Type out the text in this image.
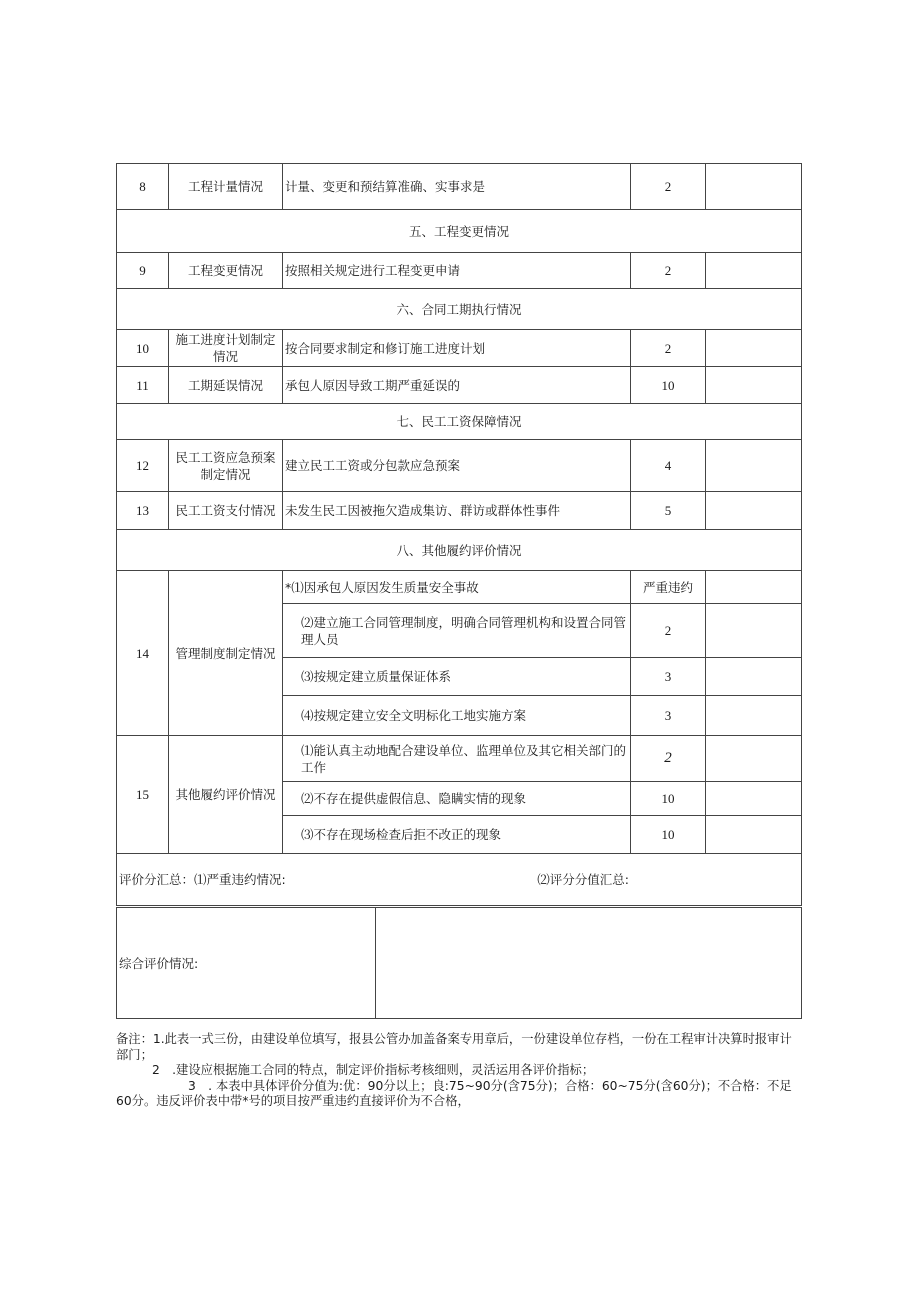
8	工程计量情况	计量、变更和预结算准确、实事求是	2	
五、工程变更情况				
9	工程变更情况	按照相关规定进行工程变更申请	2	
六、合同工期执行情况				
10	施工进度计划制定情况	按合同要求制定和修订施工进度计划	2	
11	工期延误情况	承包人原因导致工期严重延误的	10	
七、民工工资保障情况				
12	民工工资应急预案制定情况	建立民工工资或分包款应急预案	4	
13	民工工资支付情况	未发生民工因被拖欠造成集访、群访或群体性事件	5	
八、其他履约评价情况				
14	管理制度制定情况	*⑴因承包人原因发生质量安全事故	严重违约	
		⑵建立施工合同管理制度，明确合同管理机构和设置合同管理人员	2	
		⑶按规定建立质量保证体系	3	
		⑷按规定建立安全文明标化工地实施方案	3	
15	其他履约评价情况	⑴能认真主动地配合建设单位、监理单位及其它相关部门的工作	2	
		⑵不存在提供虚假信息、隐瞒实情的现象	10	
		⑶不存在现场检查后拒不改正的现象	10	

评价分汇总：⑴严重违约情况: ⑵评分分值汇总:				
综合评价情况:	

备注：1.此表一式三份，由建设单位填写，报县公管办加盖备案专用章后，一份建设单位存档，一份在工程审计决算时报审计部门；

2　.建设应根据施工合同的特点，制定评价指标考核细则，灵活运用各评价指标；

3　. 本表中具体评价分值为:优：90分以上；良:75~90分(含75分)；合格：60~75分(含60分)；不合格：不足60分。违反评价表中带*号的项目按严重违约直接评价为不合格，
